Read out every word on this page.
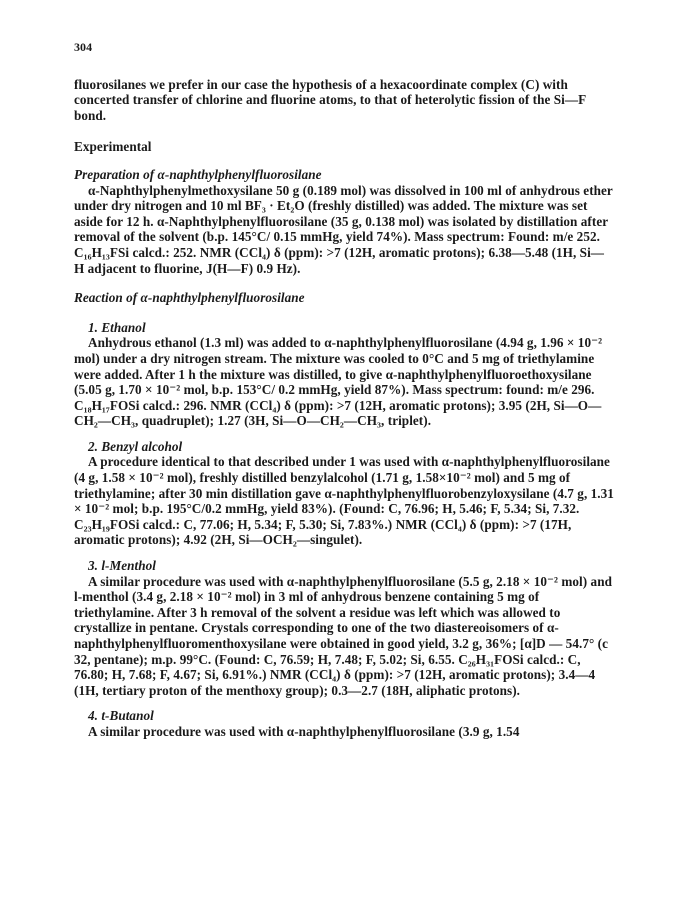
304

fluorosilanes we prefer in our case the hypothesis of a hexacoordinate complex (C) with concerted transfer of chlorine and fluorine atoms, to that of heterolytic fission of the Si—F bond.

Experimental

Preparation of α-naphthylphenylfluorosilane

α-Naphthylphenylmethoxysilane 50 g (0.189 mol) was dissolved in 100 ml of anhydrous ether under dry nitrogen and 10 ml BF₃ · Et₂O (freshly distilled) was added. The mixture was set aside for 12 h. α-Naphthylphenylfluorosilane (35 g, 0.138 mol) was isolated by distillation after removal of the solvent (b.p. 145°C/ 0.15 mmHg, yield 74%). Mass spectrum: Found: m/e 252. C₁₆H₁₃FSi calcd.: 252. NMR (CCl₄) δ (ppm): >7 (12H, aromatic protons); 6.38—5.48 (1H, Si—H adjacent to fluorine, J(H—F) 0.9 Hz).

Reaction of α-naphthylphenylfluorosilane

1. Ethanol

Anhydrous ethanol (1.3 ml) was added to α-naphthylphenylfluorosilane (4.94 g, 1.96 × 10⁻² mol) under a dry nitrogen stream. The mixture was cooled to 0°C and 5 mg of triethylamine were added. After 1 h the mixture was distilled, to give α-naphthylphenylfluoroethoxysilane (5.05 g, 1.70 × 10⁻² mol, b.p. 153°C/ 0.2 mmHg, yield 87%). Mass spectrum: found: m/e 296. C₁₈H₁₇FOSi calcd.: 296. NMR (CCl₄) δ (ppm): >7 (12H, aromatic protons); 3.95 (2H, Si—O—CH₂—CH₃, quadruplet); 1.27 (3H, Si—O—CH₂—CH₃, triplet).

2. Benzyl alcohol

A procedure identical to that described under 1 was used with α-naphthylphenylfluorosilane (4 g, 1.58 × 10⁻² mol), freshly distilled benzylalcohol (1.71 g, 1.58×10⁻² mol) and 5 mg of triethylamine; after 30 min distillation gave α-naphthylphenylfluorobenzyloxysilane (4.7 g, 1.31 × 10⁻² mol; b.p. 195°C/0.2 mmHg, yield 83%). (Found: C, 76.96; H, 5.46; F, 5.34; Si, 7.32. C₂₃H₁₉FOSi calcd.: C, 77.06; H, 5.34; F, 5.30; Si, 7.83%.) NMR (CCl₄) δ (ppm): >7 (17H, aromatic protons); 4.92 (2H, Si—OCH₂—singulet).

3. l-Menthol

A similar procedure was used with α-naphthylphenylfluorosilane (5.5 g, 2.18 × 10⁻² mol) and l-menthol (3.4 g, 2.18 × 10⁻² mol) in 3 ml of anhydrous benzene containing 5 mg of triethylamine. After 3 h removal of the solvent a residue was left which was allowed to crystallize in pentane. Crystals corresponding to one of the two diastereoisomers of α-naphthylphenylfluoromenthoxysilane were obtained in good yield, 3.2 g, 36%; [α]D — 54.7° (c 32, pentane); m.p. 99°C. (Found: C, 76.59; H, 7.48; F, 5.02; Si, 6.55. C₂₆H₃₁FOSi calcd.: C, 76.80; H, 7.68; F, 4.67; Si, 6.91%.) NMR (CCl₄) δ (ppm): >7 (12H, aromatic protons); 3.4—4 (1H, tertiary proton of the menthoxy group); 0.3—2.7 (18H, aliphatic protons).

4. t-Butanol

A similar procedure was used with α-naphthylphenylfluorosilane (3.9 g, 1.54
